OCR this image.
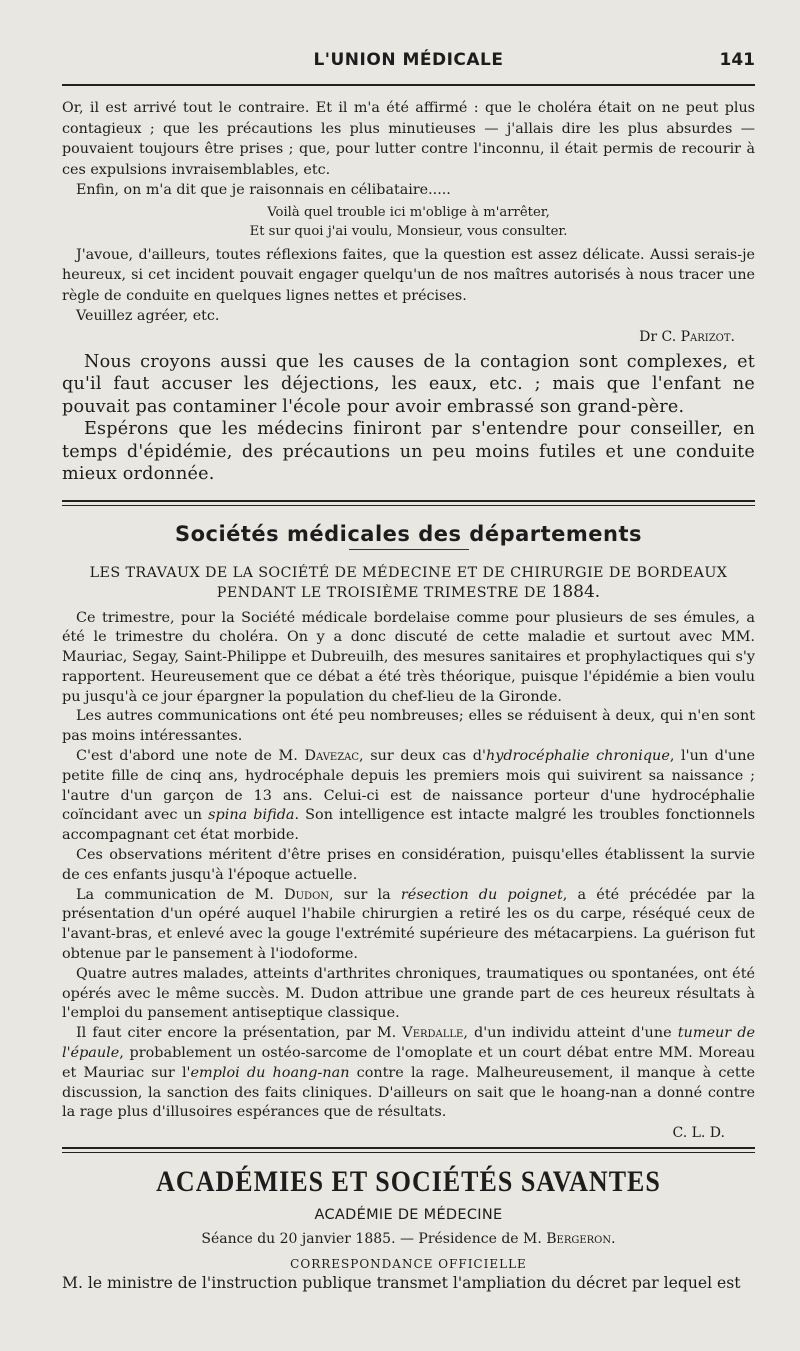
L'UNION MÉDICALE	141

Or, il est arrivé tout le contraire. Et il m'a été affirmé : que le choléra était on ne peut plus contagieux ; que les précautions les plus minutieuses — j'allais dire les plus absurdes — pouvaient toujours être prises ; que, pour lutter contre l'inconnu, il était permis de recourir à ces expulsions invraisemblables, etc.

Enfin, on m'a dit que je raisonnais en célibataire.....

Voilà quel trouble ici m'oblige à m'arrêter,
Et sur quoi j'ai voulu, Monsieur, vous consulter.

J'avoue, d'ailleurs, toutes réflexions faites, que la question est assez délicate. Aussi serais-je heureux, si cet incident pouvait engager quelqu'un de nos maîtres autorisés à nous tracer une règle de conduite en quelques lignes nettes et précises.

Veuillez agréer, etc.

Dr C. Parizot.

Nous croyons aussi que les causes de la contagion sont complexes, et qu'il faut accuser les déjections, les eaux, etc. ; mais que l'enfant ne pouvait pas contaminer l'école pour avoir embrassé son grand-père.

Espérons que les médecins finiront par s'entendre pour conseiller, en temps d'épidémie, des précautions un peu moins futiles et une conduite mieux ordonnée.

Sociétés médicales des départements
LES TRAVAUX DE LA SOCIÉTÉ DE MÉDECINE ET DE CHIRURGIE DE BORDEAUX
PENDANT LE TROISIÈME TRIMESTRE DE 1884.

Ce trimestre, pour la Société médicale bordelaise comme pour plusieurs de ses émules, a été le trimestre du choléra. On y a donc discuté de cette maladie et surtout avec MM. Mauriac, Segay, Saint-Philippe et Dubreuilh, des mesures sanitaires et prophylactiques qui s'y rapportent. Heureusement que ce débat a été très théorique, puisque l'épidémie a bien voulu pu jusqu'à ce jour épargner la population du chef-lieu de la Gironde.

Les autres communications ont été peu nombreuses; elles se réduisent à deux, qui n'en sont pas moins intéressantes.

C'est d'abord une note de M. Davezac, sur deux cas d'hydrocéphalie chronique, l'un d'une petite fille de cinq ans, hydrocéphale depuis les premiers mois qui suivirent sa naissance ; l'autre d'un garçon de 13 ans. Celui-ci est de naissance porteur d'une hydrocéphalie coïncidant avec un spina bifida. Son intelligence est intacte malgré les troubles fonctionnels accompagnant cet état morbide.

Ces observations méritent d'être prises en considération, puisqu'elles établissent la survie de ces enfants jusqu'à l'époque actuelle.

La communication de M. Dudon, sur la résection du poignet, a été précédée par la présentation d'un opéré auquel l'habile chirurgien a retiré les os du carpe, réséqué ceux de l'avant-bras, et enlevé avec la gouge l'extrémité supérieure des métacarpiens. La guérison fut obtenue par le pansement à l'iodoforme.

Quatre autres malades, atteints d'arthrites chroniques, traumatiques ou spontanées, ont été opérés avec le même succès. M. Dudon attribue une grande part de ces heureux résultats à l'emploi du pansement antiseptique classique.

Il faut citer encore la présentation, par M. Verdalle, d'un individu atteint d'une tumeur de l'épaule, probablement un ostéo-sarcome de l'omoplate et un court débat entre MM. Moreau et Mauriac sur l'emploi du hoang-nan contre la rage. Malheureusement, il manque à cette discussion, la sanction des faits cliniques. D'ailleurs on sait que le hoang-nan a donné contre la rage plus d'illusoires espérances que de résultats.

C. L. D.
ACADÉMIES ET SOCIÉTÉS SAVANTES
ACADÉMIE DE MÉDECINE
Séance du 20 janvier 1885. — Présidence de M. Bergeron.
CORRESPONDANCE OFFICIELLE

M. le ministre de l'instruction publique transmet l'ampliation du décret par lequel est
